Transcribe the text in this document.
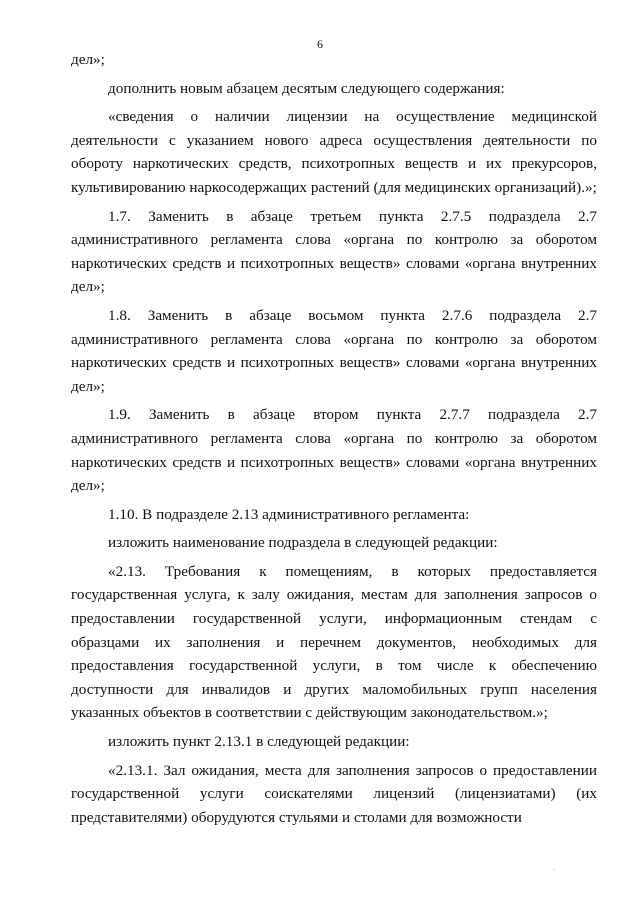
6

дел»;

дополнить новым абзацем десятым следующего содержания:

«сведения о наличии лицензии на осуществление медицинской деятельности с указанием нового адреса осуществления деятельности по обороту наркотических средств, психотропных веществ и их прекурсоров, культивированию наркосодержащих растений (для медицинских организаций).»;

1.7. Заменить в абзаце третьем пункта 2.7.5 подраздела 2.7 административного регламента слова «органа по контролю за оборотом наркотических средств и психотропных веществ» словами «органа внутренних дел»;

1.8. Заменить в абзаце восьмом пункта 2.7.6 подраздела 2.7 административного регламента слова «органа по контролю за оборотом наркотических средств и психотропных веществ» словами «органа внутренних дел»;

1.9. Заменить в абзаце втором пункта 2.7.7 подраздела 2.7 административного регламента слова «органа по контролю за оборотом наркотических средств и психотропных веществ» словами «органа внутренних дел»;

1.10. В подразделе 2.13 административного регламента:

изложить наименование подраздела в следующей редакции:

«2.13. Требования к помещениям, в которых предоставляется государственная услуга, к залу ожидания, местам для заполнения запросов о предоставлении государственной услуги, информационным стендам с образцами их заполнения и перечнем документов, необходимых для предоставления государственной услуги, в том числе к обеспечению доступности для инвалидов и других маломобильных групп населения указанных объектов в соответствии с действующим законодательством.»;

изложить пункт 2.13.1 в следующей редакции:

«2.13.1. Зал ожидания, места для заполнения запросов о предоставлении государственной услуги соискателями лицензий (лицензиатами) (их представителями) оборудуются стульями и столами для возможности

·
